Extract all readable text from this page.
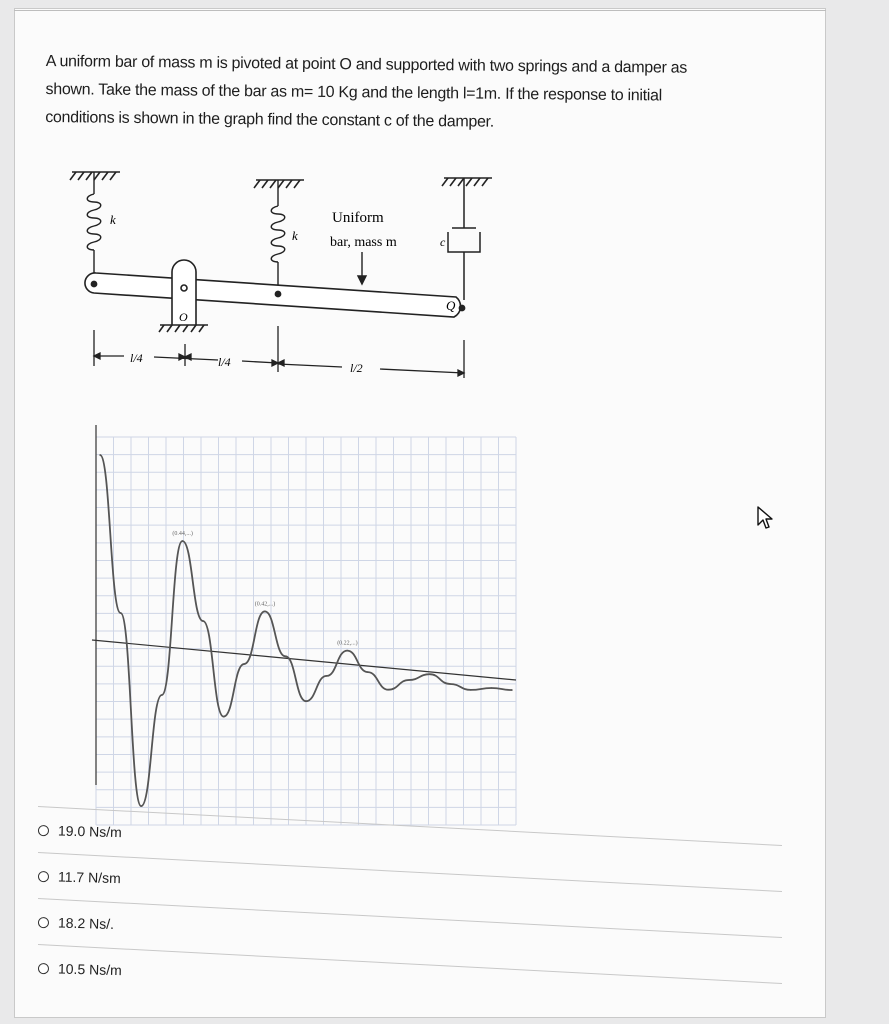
A uniform bar of mass m is pivoted at point O and supported with two springs and a damper as

shown. Take the mass of the bar as m= 10 Kg and the length l=1m. If the response to initial

conditions is shown in the graph find the constant c of the damper.

k
k
O
c
Q
Uniform
bar, mass m
l/4	l/4	l/2
(0.44,...)
(0.42,...)
(0.22,...)
19.0 Ns/m
11.7 N/sm
18.2 Ns/.
10.5 Ns/m
